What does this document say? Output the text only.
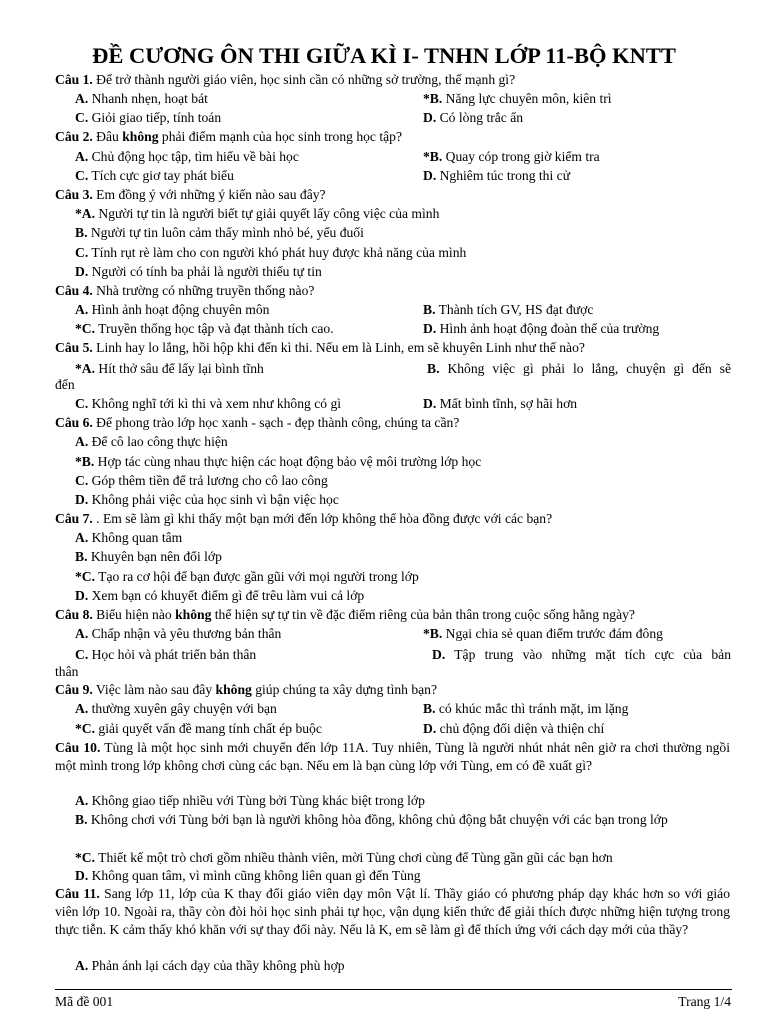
ĐỀ CƯƠNG ÔN THI GIỮA KÌ I- TNHN LỚP 11-BỘ KNTT
Câu 1. Để trở thành người giáo viên, học sinh cần có những sở trường, thế mạnh gì?
A. Nhanh nhẹn, hoạt bát	*B. Năng lực chuyên môn, kiên trì
C. Giỏi giao tiếp, tính toán	D. Có lòng trắc ẩn
Câu 2. Đâu không phải điểm mạnh của học sinh trong học tập?
A. Chủ động học tập, tìm hiểu về bài học	*B. Quay cóp trong giờ kiểm tra
C. Tích cực giơ tay phát biểu	D. Nghiêm túc trong thi cử
Câu 3. Em đồng ý với những ý kiến nào sau đây?
*A. Người tự tin là người biết tự giải quyết lấy công việc của mình
B. Người tự tin luôn cảm thấy mình nhỏ bé, yếu đuối
C. Tính rụt rè làm cho con người khó phát huy được khả năng của mình
D. Người có tính ba phải là người thiếu tự tin
Câu 4. Nhà trường có những truyền thống nào?
A. Hình ảnh hoạt động chuyên môn	B. Thành tích GV, HS đạt được
*C. Truyền thống học tập và đạt thành tích cao.	D. Hình ảnh hoạt động đoàn thể của trường
Câu 5. Linh hay lo lắng, hồi hộp khi đến kì thi. Nếu em là Linh, em sẽ khuyên Linh như thế nào?
*A. Hít thở sâu để lấy lại bình tĩnh	B. Không việc gì phải lo lắng, chuyện gì đến sẽ
đến
C. Không nghĩ tới kì thi và xem như không có gì	D. Mất bình tĩnh, sợ hãi hơn
Câu 6. Để phong trào lớp học xanh - sạch - đẹp thành công, chúng ta cần?
A. Để cô lao công thực hiện
*B. Hợp tác cùng nhau thực hiện các hoạt động bảo vệ môi trường lớp học
C. Góp thêm tiền để trả lương cho cô lao công
D. Không phải việc của học sinh vì bận việc học
Câu 7. . Em sẽ làm gì khi thấy một bạn mới đến lớp không thể hòa đồng được với các bạn?
A. Không quan tâm
B. Khuyên bạn nên đổi lớp
*C. Tạo ra cơ hội để bạn được gần gũi với mọi người trong lớp
D. Xem bạn có khuyết điểm gì để trêu làm vui cả lớp
Câu 8. Biểu hiện nào không thể hiện sự tự tin về đặc điểm riêng của bản thân trong cuộc sống hằng ngày?
A. Chấp nhận và yêu thương bản thân	*B. Ngại chia sẻ quan điểm trước đám đông
C. Học hỏi và phát triển bản thân	D. Tập trung vào những mặt tích cực của bản
thân
Câu 9. Việc làm nào sau đây không giúp chúng ta xây dựng tình bạn?
A. thường xuyên gây chuyện với bạn	B. có khúc mắc thì tránh mặt, im lặng
*C. giải quyết vấn đề mang tính chất ép buộc	D. chủ động đối diện và thiện chí
Câu 10. Tùng là một học sinh mới chuyển đến lớp 11A. Tuy nhiên, Tùng là người nhút nhát nên giờ ra chơi thường ngồi một mình trong lớp không chơi cùng các bạn. Nếu em là bạn cùng lớp với Tùng, em có đề xuất gì?
A. Không giao tiếp nhiều với Tùng bởi Tùng khác biệt trong lớp
B. Không chơi với Tùng bởi bạn là người không hòa đồng, không chủ động bắt chuyện với các bạn trong lớp
*C. Thiết kế một trò chơi gồm nhiều thành viên, mời Tùng chơi cùng để Tùng gần gũi các bạn hơn
D. Không quan tâm, vì mình cũng không liên quan gì đến Tùng
Câu 11. Sang lớp 11, lớp của K thay đổi giáo viên dạy môn Vật lí. Thầy giáo có phương pháp dạy khác hơn so với giáo viên lớp 10. Ngoài ra, thầy còn đòi hỏi học sinh phải tự học, vận dụng kiến thức để giải thích được những hiện tượng trong thực tiễn. K cảm thấy khó khăn với sự thay đổi này. Nếu là K, em sẽ làm gì để thích ứng với cách dạy mới của thầy?
A. Phản ánh lại cách dạy của thầy không phù hợp
Mã đề 001	Trang 1/4
